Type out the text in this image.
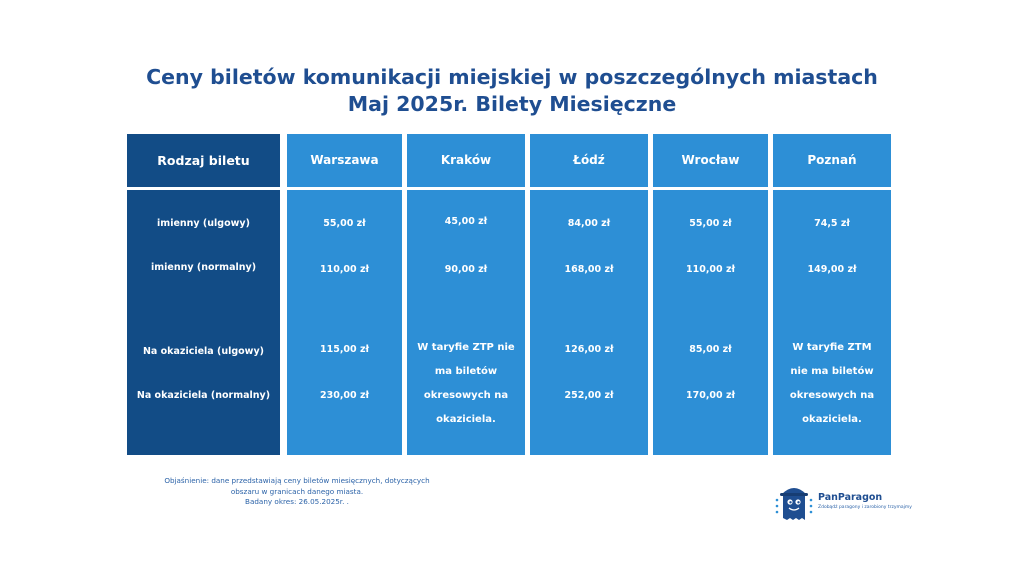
Ceny biletów komunikacji miejskiej w poszczególnych miastach
Maj 2025r. Bilety Miesięczne
Rodzaj biletu
imienny (ulgowy)
imienny (normalny)
Na okaziciela (ulgowy)
Na okaziciela (normalny)
Warszawa
55,00 zł
110,00 zł
115,00 zł
230,00 zł
Kraków
45,00 zł
90,00 zł
W taryfie ZTP nie
ma biletów
okresowych na
okaziciela.
Łódź
84,00 zł
168,00 zł
126,00 zł
252,00 zł
Wrocław
55,00 zł
110,00 zł
85,00 zł
170,00 zł
Poznań
74,5 zł
149,00 zł
W taryfie ZTM
nie ma biletów
okresowych na
okaziciela.
Objaśnienie: dane przedstawiają ceny biletów miesięcznych, dotyczących
obszaru w granicach danego miasta.
Badany okres: 26.05.2025r. .	PanParagon
Zdobądź paragony i zarobiony trzymajmy
